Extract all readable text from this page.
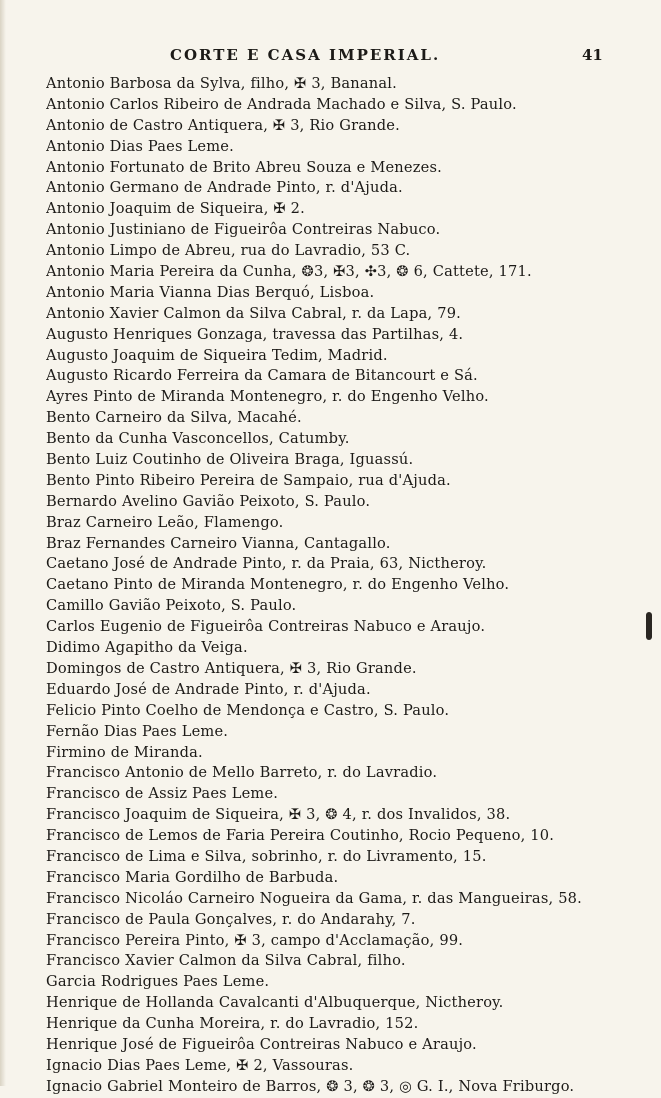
CORTE E CASA IMPERIAL.	41
Antonio Barbosa da Sylva, filho, ✠ 3, Bananal.
Antonio Carlos Ribeiro de Andrada Machado e Silva, S. Paulo.
Antonio de Castro Antiquera, ✠ 3, Rio Grande.
Antonio Dias Paes Leme.
Antonio Fortunato de Brito Abreu Souza e Menezes.
Antonio Germano de Andrade Pinto, r. d'Ajuda.
Antonio Joaquim de Siqueira, ✠ 2.
Antonio Justiniano de Figueirôa Contreiras Nabuco.
Antonio Limpo de Abreu, rua do Lavradio, 53 C.
Antonio Maria Pereira da Cunha, ❂3, ✠3, ✣3, ❂ 6, Cattete, 171.
Antonio Maria Vianna Dias Berquó, Lisboa.
Antonio Xavier Calmon da Silva Cabral, r. da Lapa, 79.
Augusto Henriques Gonzaga, travessa das Partilhas, 4.
Augusto Joaquim de Siqueira Tedim, Madrid.
Augusto Ricardo Ferreira da Camara de Bitancourt e Sá.
Ayres Pinto de Miranda Montenegro, r. do Engenho Velho.
Bento Carneiro da Silva, Macahé.
Bento da Cunha Vasconcellos, Catumby.
Bento Luiz Coutinho de Oliveira Braga, Iguassú.
Bento Pinto Ribeiro Pereira de Sampaio, rua d'Ajuda.
Bernardo Avelino Gavião Peixoto, S. Paulo.
Braz Carneiro Leão, Flamengo.
Braz Fernandes Carneiro Vianna, Cantagallo.
Caetano José de Andrade Pinto, r. da Praia, 63, Nictheroy.
Caetano Pinto de Miranda Montenegro, r. do Engenho Velho.
Camillo Gavião Peixoto, S. Paulo.
Carlos Eugenio de Figueirôa Contreiras Nabuco e Araujo.
Didimo Agapitho da Veiga.
Domingos de Castro Antiquera, ✠ 3, Rio Grande.
Eduardo José de Andrade Pinto, r. d'Ajuda.
Felicio Pinto Coelho de Mendonça e Castro, S. Paulo.
Fernão Dias Paes Leme.
Firmino de Miranda.
Francisco Antonio de Mello Barreto, r. do Lavradio.
Francisco de Assiz Paes Leme.
Francisco Joaquim de Siqueira, ✠ 3, ❂ 4, r. dos Invalidos, 38.
Francisco de Lemos de Faria Pereira Coutinho, Rocio Pequeno, 10.
Francisco de Lima e Silva, sobrinho, r. do Livramento, 15.
Francisco Maria Gordilho de Barbuda.
Francisco Nicoláo Carneiro Nogueira da Gama, r. das Mangueiras, 58.
Francisco de Paula Gonçalves, r. do Andarahy, 7.
Francisco Pereira Pinto, ✠ 3, campo d'Acclamação, 99.
Francisco Xavier Calmon da Silva Cabral, filho.
Garcia Rodrigues Paes Leme.
Henrique de Hollanda Cavalcanti d'Albuquerque, Nictheroy.
Henrique da Cunha Moreira, r. do Lavradio, 152.
Henrique José de Figueirôa Contreiras Nabuco e Araujo.
Ignacio Dias Paes Leme, ✠ 2, Vassouras.
Ignacio Gabriel Monteiro de Barros, ❂ 3, ❂ 3, ◎ G. I., Nova Friburgo.
